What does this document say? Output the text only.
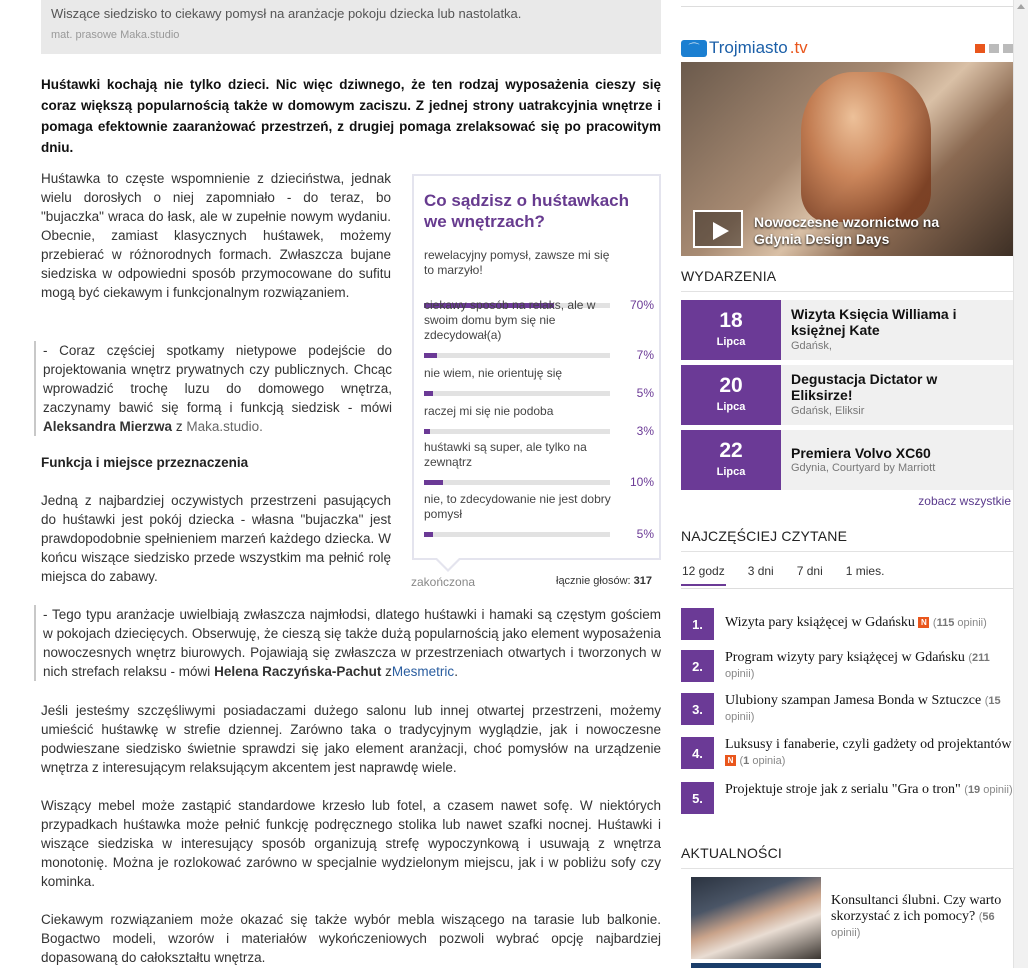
Wiszące siedzisko to ciekawy pomysł na aranżacje pokoju dziecka lub nastolatka.
mat. prasowe Maka.studio

Huśtawki kochają nie tylko dzieci. Nic więc dziwnego, że ten rodzaj wyposażenia cieszy się coraz większą popularnością także w domowym zaciszu. Z jednej strony uatrakcyjnia wnętrze i pomaga efektownie zaaranżować przestrzeń, z drugiej pomaga zrelaksować się po pracowitym dniu.

Huśtawka to częste wspomnienie z dzieciństwa, jednak wielu dorosłych o niej zapomniało - do teraz, bo "bujaczka" wraca do łask, ale w zupełnie nowym wydaniu. Obecnie, zamiast klasycznych huśtawek, możemy przebierać w różnorodnych formach. Zwłaszcza bujane siedziska w odpowiedni sposób przymocowane do sufitu mogą być ciekawym i funkcjonalnym rozwiązaniem.

- Coraz częściej spotkamy nietypowe podejście do projektowania wnętrz prywatnych czy publicznych. Chcąc wprowadzić trochę luzu do domowego wnętrza, zaczynamy bawić się formą i funkcją siedzisk - mówi Aleksandra Mierzwa z Maka.studio.
Funkcja i miejsce przeznaczenia

Jedną z najbardziej oczywistych przestrzeni pasujących do huśtawki jest pokój dziecka - własna "bujaczka" jest prawdopodobnie spełnieniem marzeń każdego dziecka. W końcu wiszące siedzisko przede wszystkim ma pełnić rolę miejsca do zabawy.

- Tego typu aranżacje uwielbiają zwłaszcza najmłodsi, dlatego huśtawki i hamaki są częstym gościem w pokojach dziecięcych. Obserwuję, że cieszą się także dużą popularnością jako element wyposażenia nowoczesnych wnętrz biurowych. Pojawiają się zwłaszcza w przestrzeniach otwartych i tworzonych w nich strefach relaksu - mówi Helena Raczyńska-Pachut zMesmetric.

Jeśli jesteśmy szczęśliwymi posiadaczami dużego salonu lub innej otwartej przestrzeni, możemy umieścić huśtawkę w strefie dziennej. Zarówno taka o tradycyjnym wyglądzie, jak i nowoczesne podwieszane siedzisko świetnie sprawdzi się jako element aranżacji, choć pomysłów na urządzenie wnętrza z interesującym relaksującym akcentem jest naprawdę wiele.

Wiszący mebel może zastąpić standardowe krzesło lub fotel, a czasem nawet sofę. W niektórych przypadkach huśtawka może pełnić funkcję podręcznego stolika lub nawet szafki nocnej. Huśtawki i wiszące siedziska w interesujący sposób organizują strefę wypoczynkową i usuwają z wnętrza monotonię. Można je rozlokować zarówno w specjalnie wydzielonym miejscu, jak i w pobliżu sofy czy kominka.

Ciekawym rozwiązaniem może okazać się także wybór mebla wiszącego na tarasie lub balkonie. Bogactwo modeli, wzorów i materiałów wykończeniowych pozwoli wybrać opcję najbardziej dopasowaną do całokształtu wnętrza.

Co sądzisz o huśtawkach we wnętrzach?
rewelacyjny pomysł, zawsze mi się to marzyło!
70%
ciekawy sposób na relaks, ale w swoim domu bym się nie zdecydował(a)
7%
nie wiem, nie orientuję się
5%
raczej mi się nie podoba
3%
huśtawki są super, ale tylko na zewnątrz
10%
nie, to zdecydowanie nie jest dobry pomysł
5%
zakończona	łącznie głosów: 317
⌒ Trojmiasto .tv
Nowoczesne wzornictwo na Gdynia Design Days
WYDARZENIA
18
Lipca
Wizyta Księcia Williama i księżnej Kate
Gdańsk,
20
Lipca
Degustacja Dictator w Eliksirze!
Gdańsk, Eliksir
22
Lipca
Premiera Volvo XC60
Gdynia, Courtyard by Marriott
zobacz wszystkie
NAJCZĘŚCIEJ CZYTANE
12 godz 3 dni 7 dni 1 mies.
1.	Wizyta pary książęcej w Gdańsku N (115 opinii)
2.
Program wizyty pary książęcej w Gdańsku (211 opinii)
3.
Ulubiony szampan Jamesa Bonda w Sztuczce (15 opinii)
4.
Luksusy i fanaberie, czyli gadżety od projektantów N (1 opinia)
5.
Projektuje stroje jak z serialu "Gra o tron" (19 opinii)
AKTUALNOŚCI
Konsultanci ślubni. Czy warto skorzystać z ich pomocy? (56 opinii)
